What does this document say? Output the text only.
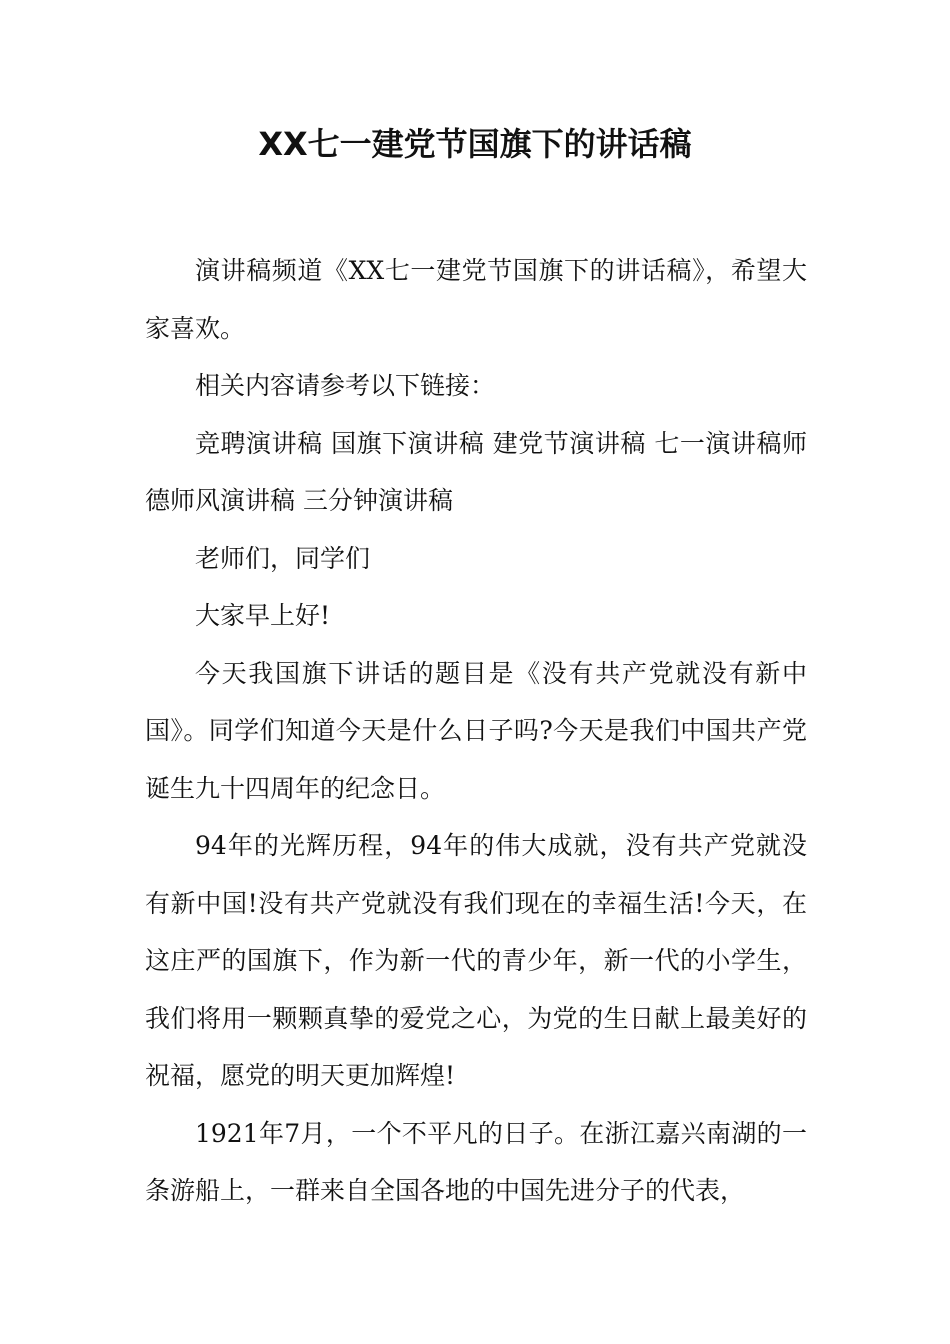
XX七一建党节国旗下的讲话稿

演讲稿频道《XX七一建党节国旗下的讲话稿》，希望大家喜欢。

相关内容请参考以下链接：

竞聘演讲稿 国旗下演讲稿 建党节演讲稿 七一演讲稿师德师风演讲稿 三分钟演讲稿

老师们，同学们

大家早上好!

今天我国旗下讲话的题目是《没有共产党就没有新中国》。同学们知道今天是什么日子吗?今天是我们中国共产党诞生九十四周年的纪念日。

94年的光辉历程，94年的伟大成就，没有共产党就没有新中国!没有共产党就没有我们现在的幸福生活!今天，在这庄严的国旗下，作为新一代的青少年，新一代的小学生，我们将用一颗颗真挚的爱党之心，为党的生日献上最美好的祝福，愿党的明天更加辉煌!

1921年7月，一个不平凡的日子。在浙江嘉兴南湖的一条游船上，一群来自全国各地的中国先进分子的代表，
